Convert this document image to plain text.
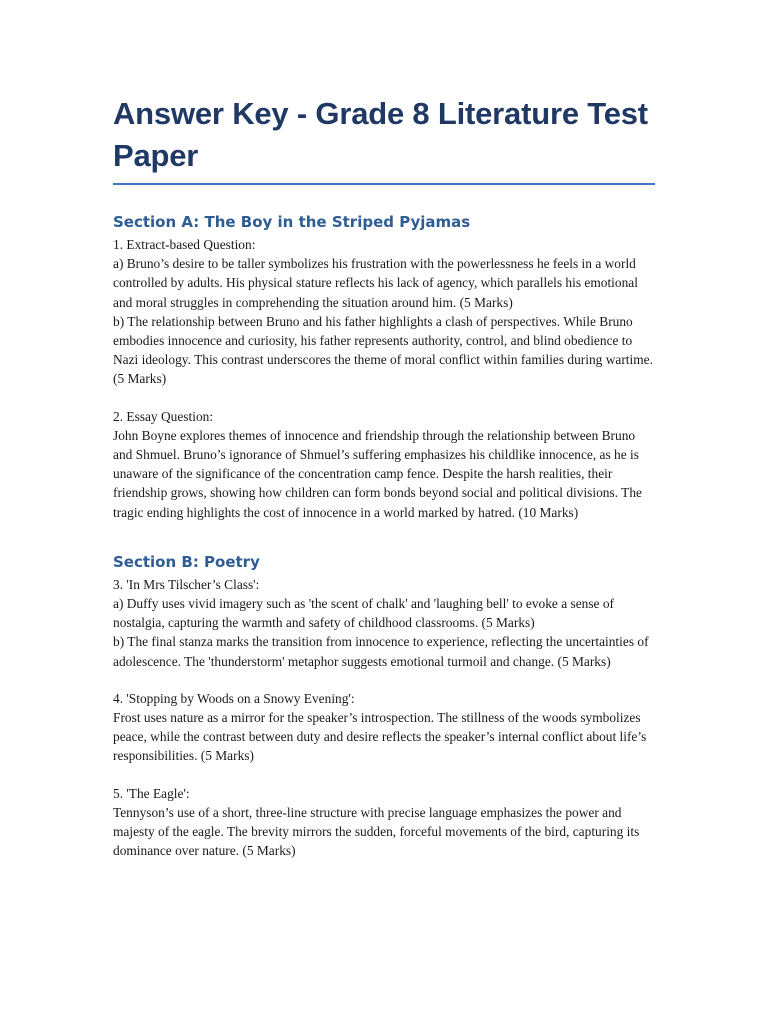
Answer Key - Grade 8 Literature Test Paper
Section A: The Boy in the Striped Pyjamas

1. Extract-based Question:

a) Bruno’s desire to be taller symbolizes his frustration with the powerlessness he feels in a world controlled by adults. His physical stature reflects his lack of agency, which parallels his emotional and moral struggles in comprehending the situation around him. (5 Marks)

b) The relationship between Bruno and his father highlights a clash of perspectives. While Bruno embodies innocence and curiosity, his father represents authority, control, and blind obedience to Nazi ideology. This contrast underscores the theme of moral conflict within families during wartime. (5 Marks)

2. Essay Question:

John Boyne explores themes of innocence and friendship through the relationship between Bruno and Shmuel. Bruno’s ignorance of Shmuel’s suffering emphasizes his childlike innocence, as he is unaware of the significance of the concentration camp fence. Despite the harsh realities, their friendship grows, showing how children can form bonds beyond social and political divisions. The tragic ending highlights the cost of innocence in a world marked by hatred. (10 Marks)

Section B: Poetry

3. 'In Mrs Tilscher’s Class':

a) Duffy uses vivid imagery such as 'the scent of chalk' and 'laughing bell' to evoke a sense of nostalgia, capturing the warmth and safety of childhood classrooms. (5 Marks)

b) The final stanza marks the transition from innocence to experience, reflecting the uncertainties of adolescence. The 'thunderstorm' metaphor suggests emotional turmoil and change. (5 Marks)

4. 'Stopping by Woods on a Snowy Evening':

Frost uses nature as a mirror for the speaker’s introspection. The stillness of the woods symbolizes peace, while the contrast between duty and desire reflects the speaker’s internal conflict about life’s responsibilities. (5 Marks)

5. 'The Eagle':

Tennyson’s use of a short, three-line structure with precise language emphasizes the power and majesty of the eagle. The brevity mirrors the sudden, forceful movements of the bird, capturing its dominance over nature. (5 Marks)
